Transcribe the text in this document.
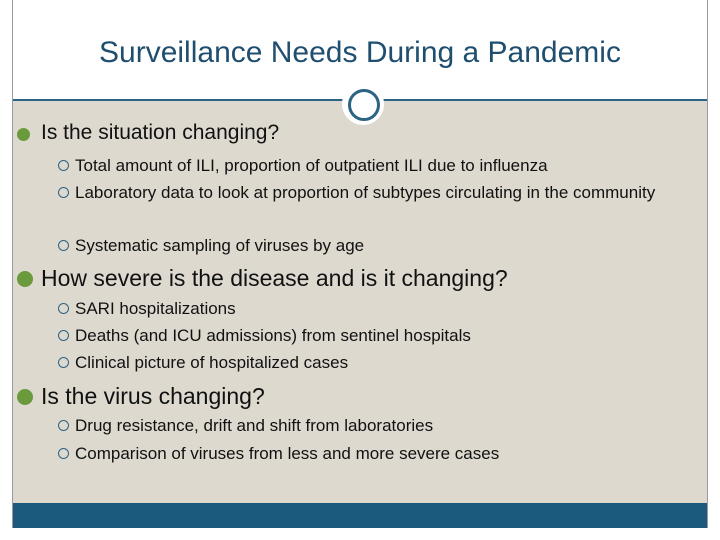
Surveillance Needs During a Pandemic
Is the situation changing?
Total amount of ILI, proportion of outpatient ILI due to influenza
Laboratory data to look at proportion of subtypes circulating in the community
Systematic sampling of viruses by age
How severe is the disease and is it changing?
SARI hospitalizations
Deaths (and ICU admissions) from sentinel hospitals
Clinical picture of hospitalized cases
Is the virus changing?
Drug resistance, drift and shift from laboratories
Comparison of viruses from less and more severe cases
